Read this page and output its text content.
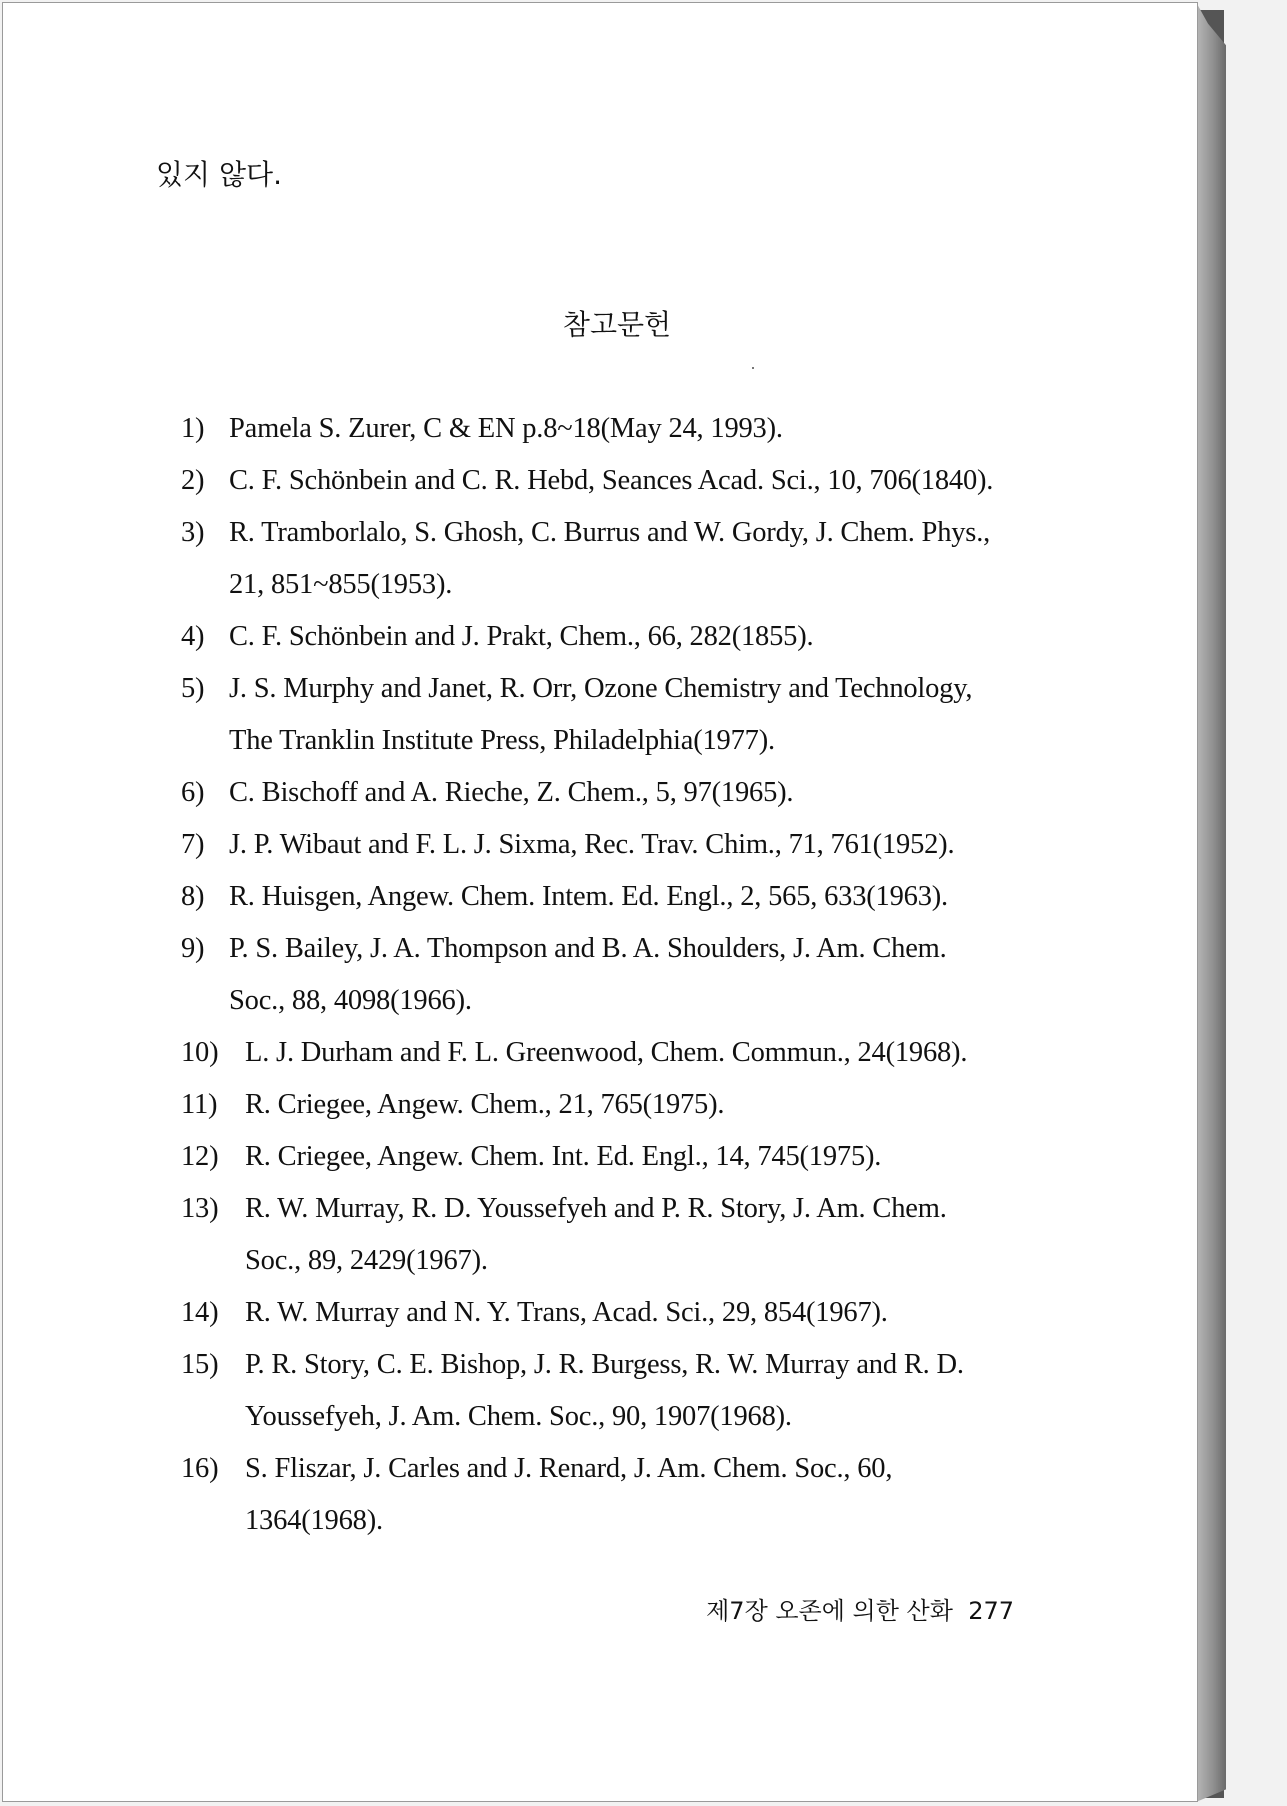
있지 않다.

참고문헌
1) Pamela S. Zurer, C & EN p.8~18(May 24, 1993).
2) C. F. Schönbein and C. R. Hebd, Seances Acad. Sci., 10, 706(1840).
3) R. Tramborlalo, S. Ghosh, C. Burrus and W. Gordy, J. Chem. Phys.,
21, 851~855(1953).
4) C. F. Schönbein and J. Prakt, Chem., 66, 282(1855).
5) J. S. Murphy and Janet, R. Orr, Ozone Chemistry and Technology,
The Tranklin Institute Press, Philadelphia(1977).
6) C. Bischoff and A. Rieche, Z. Chem., 5, 97(1965).
7) J. P. Wibaut and F. L. J. Sixma, Rec. Trav. Chim., 71, 761(1952).
8) R. Huisgen, Angew. Chem. Intem. Ed. Engl., 2, 565, 633(1963).
9) P. S. Bailey, J. A. Thompson and B. A. Shoulders, J. Am. Chem.
Soc., 88, 4098(1966).
10) L. J. Durham and F. L. Greenwood, Chem. Commun., 24(1968).
11) R. Criegee, Angew. Chem., 21, 765(1975).
12) R. Criegee, Angew. Chem. Int. Ed. Engl., 14, 745(1975).
13) R. W. Murray, R. D. Youssefyeh and P. R. Story, J. Am. Chem.
Soc., 89, 2429(1967).
14) R. W. Murray and N. Y. Trans, Acad. Sci., 29, 854(1967).
15) P. R. Story, C. E. Bishop, J. R. Burgess, R. W. Murray and R. D.
Youssefyeh, J. Am. Chem. Soc., 90, 1907(1968).
16) S. Fliszar, J. Carles and J. Renard, J. Am. Chem. Soc., 60,
1364(1968).

제7장 오존에 의한 산화 277
